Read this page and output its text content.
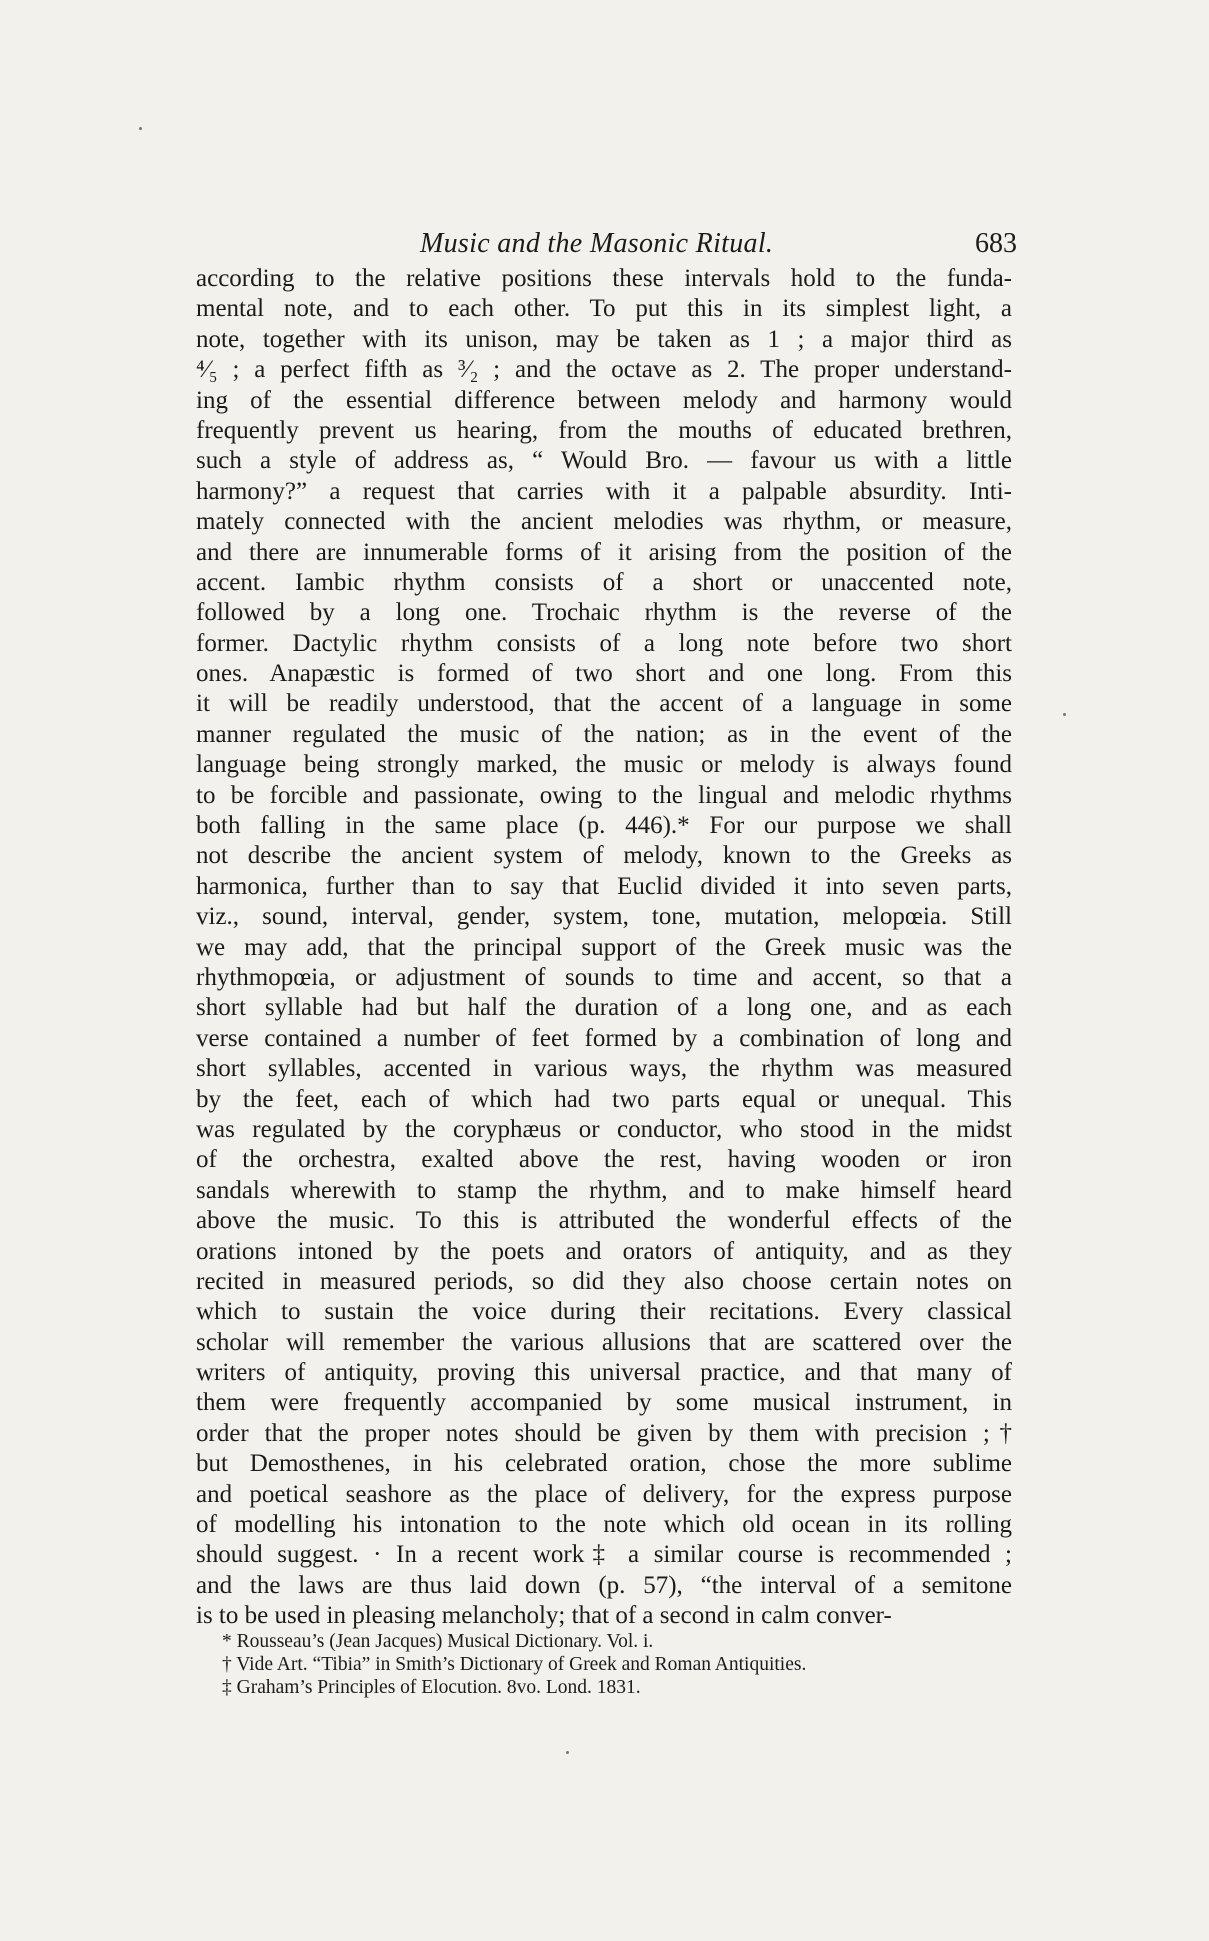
Music and the Masonic Ritual.	683
according to the relative positions these intervals hold to the funda-
mental note, and to each other. To put this in its simplest light, a
note, together with its unison, may be taken as 1 ; a major third as
⁴⁄₅ ; a perfect fifth as ³⁄₂ ; and the octave as 2. The proper understand-
ing of the essential difference between melody and harmony would
frequently prevent us hearing, from the mouths of educated brethren,
such a style of address as, “ Would Bro. — favour us with a little
harmony?” a request that carries with it a palpable absurdity. Inti-
mately connected with the ancient melodies was rhythm, or measure,
and there are innumerable forms of it arising from the position of the
accent. Iambic rhythm consists of a short or unaccented note,
followed by a long one. Trochaic rhythm is the reverse of the
former. Dactylic rhythm consists of a long note before two short
ones. Anapæstic is formed of two short and one long. From this
it will be readily understood, that the accent of a language in some
manner regulated the music of the nation; as in the event of the
language being strongly marked, the music or melody is always found
to be forcible and passionate, owing to the lingual and melodic rhythms
both falling in the same place (p. 446).* For our purpose we shall
not describe the ancient system of melody, known to the Greeks as
harmonica, further than to say that Euclid divided it into seven parts,
viz., sound, interval, gender, system, tone, mutation, melopœia. Still
we may add, that the principal support of the Greek music was the
rhythmopœia, or adjustment of sounds to time and accent, so that a
short syllable had but half the duration of a long one, and as each
verse contained a number of feet formed by a combination of long and
short syllables, accented in various ways, the rhythm was measured
by the feet, each of which had two parts equal or unequal. This
was regulated by the coryphæus or conductor, who stood in the midst
of the orchestra, exalted above the rest, having wooden or iron
sandals wherewith to stamp the rhythm, and to make himself heard
above the music. To this is attributed the wonderful effects of the
orations intoned by the poets and orators of antiquity, and as they
recited in measured periods, so did they also choose certain notes on
which to sustain the voice during their recitations. Every classical
scholar will remember the various allusions that are scattered over the
writers of antiquity, proving this universal practice, and that many of
them were frequently accompanied by some musical instrument, in
order that the proper notes should be given by them with precision ;†
but Demosthenes, in his celebrated oration, chose the more sublime
and poetical seashore as the place of delivery, for the express purpose
of modelling his intonation to the note which old ocean in its rolling
should suggest. · In a recent work‡ a similar course is recommended ;
and the laws are thus laid down (p. 57), “the interval of a semitone
is to be used in pleasing melancholy; that of a second in calm conver-
* Rousseau’s (Jean Jacques) Musical Dictionary. Vol. i.
† Vide Art. “Tibia” in Smith’s Dictionary of Greek and Roman Antiquities.
‡ Graham’s Principles of Elocution. 8vo. Lond. 1831.
